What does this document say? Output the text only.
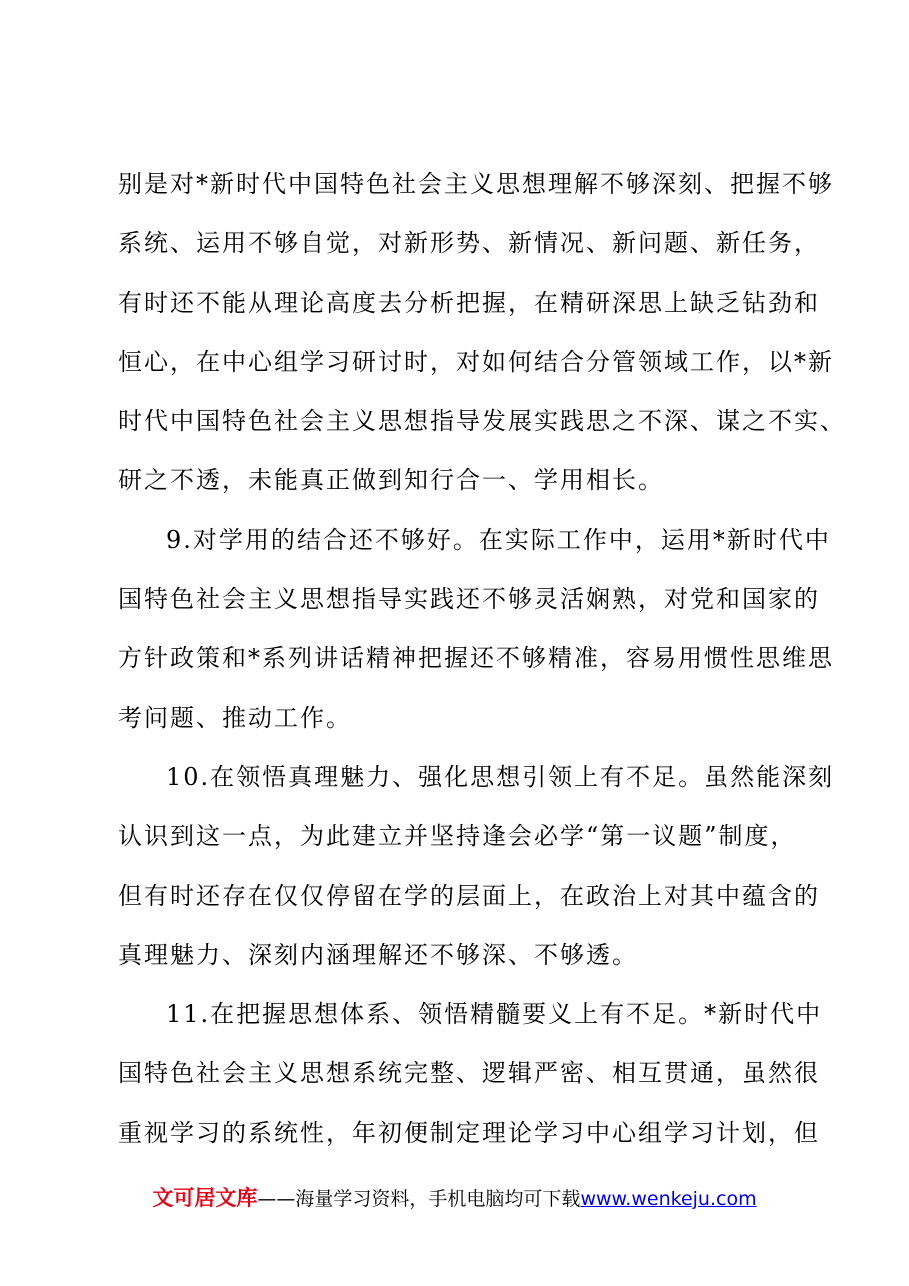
别是对*新时代中国特色社会主义思想理解不够深刻、把握不够
系统、运用不够自觉，对新形势、新情况、新问题、新任务，
有时还不能从理论高度去分析把握，在精研深思上缺乏钻劲和
恒心，在中心组学习研讨时，对如何结合分管领域工作，以*新
时代中国特色社会主义思想指导发展实践思之不深、谋之不实、
研之不透，未能真正做到知行合一、学用相长。
9.对学用的结合还不够好。在实际工作中，运用*新时代中
国特色社会主义思想指导实践还不够灵活娴熟，对党和国家的
方针政策和*系列讲话精神把握还不够精准，容易用惯性思维思
考问题、推动工作。
10.在领悟真理魅力、强化思想引领上有不足。虽然能深刻
认识到这一点，为此建立并坚持逢会必学“第一议题”制度，
但有时还存在仅仅停留在学的层面上，在政治上对其中蕴含的
真理魅力、深刻内涵理解还不够深、不够透。
11.在把握思想体系、领悟精髓要义上有不足。*新时代中
国特色社会主义思想系统完整、逻辑严密、相互贯通，虽然很
重视学习的系统性，年初便制定理论学习中心组学习计划，但
文可居文库——海量学习资料，手机电脑均可下载www.wenkeju.com
